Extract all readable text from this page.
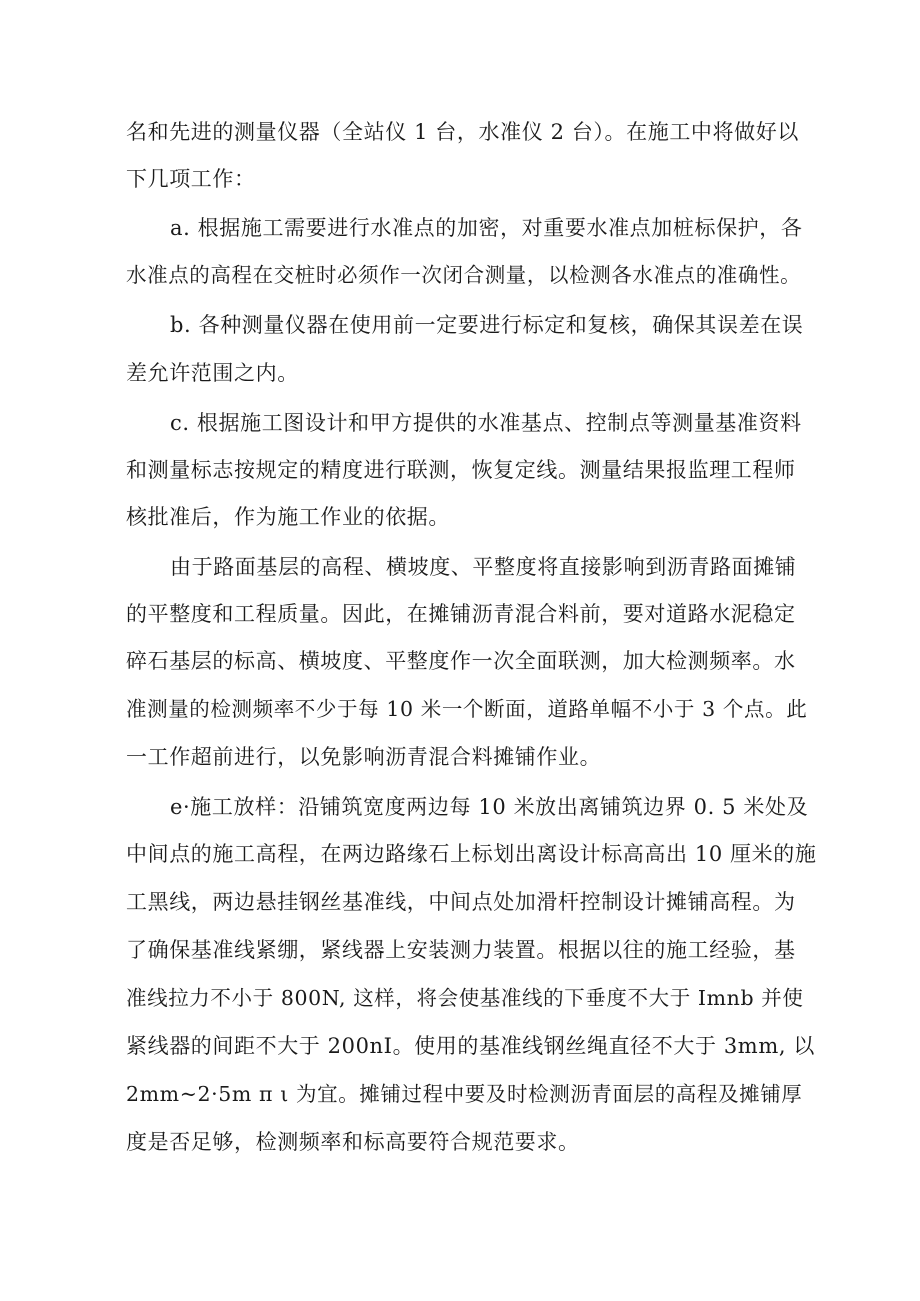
名和先进的测量仪器（全站仪 1 台，水准仪 2 台）。在施工中将做好以
下几项工作：
a. 根据施工需要进行水准点的加密，对重要水准点加桩标保护，各
水准点的高程在交桩时必须作一次闭合测量，以检测各水准点的准确性。
b. 各种测量仪器在使用前一定要进行标定和复核，确保其误差在误
差允许范围之内。
c. 根据施工图设计和甲方提供的水准基点、控制点等测量基准资料
和测量标志按规定的精度进行联测，恢复定线。测量结果报监理工程师
核批准后，作为施工作业的依据。
由于路面基层的高程、横坡度、平整度将直接影响到沥青路面摊铺
的平整度和工程质量。因此，在摊铺沥青混合料前，要对道路水泥稳定
碎石基层的标高、横坡度、平整度作一次全面联测，加大检测频率。水
准测量的检测频率不少于每 10 米一个断面，道路单幅不小于 3 个点。此
一工作超前进行，以免影响沥青混合料摊铺作业。
e·施工放样：沿铺筑宽度两边每 10 米放出离铺筑边界 0. 5 米处及
中间点的施工高程，在两边路缘石上标划出离设计标高高出 10 厘米的施
工黑线，两边悬挂钢丝基准线，中间点处加滑杆控制设计摊铺高程。为
了确保基准线紧绷，紧线器上安装测力装置。根据以往的施工经验，基
准线拉力不小于 800N, 这样，将会使基准线的下垂度不大于 Imnb 并使
紧线器的间距不大于 200nI。使用的基准线钢丝绳直径不大于 3mm, 以
2mm~2·5m π ι 为宜。摊铺过程中要及时检测沥青面层的高程及摊铺厚
度是否足够，检测频率和标高要符合规范要求。
